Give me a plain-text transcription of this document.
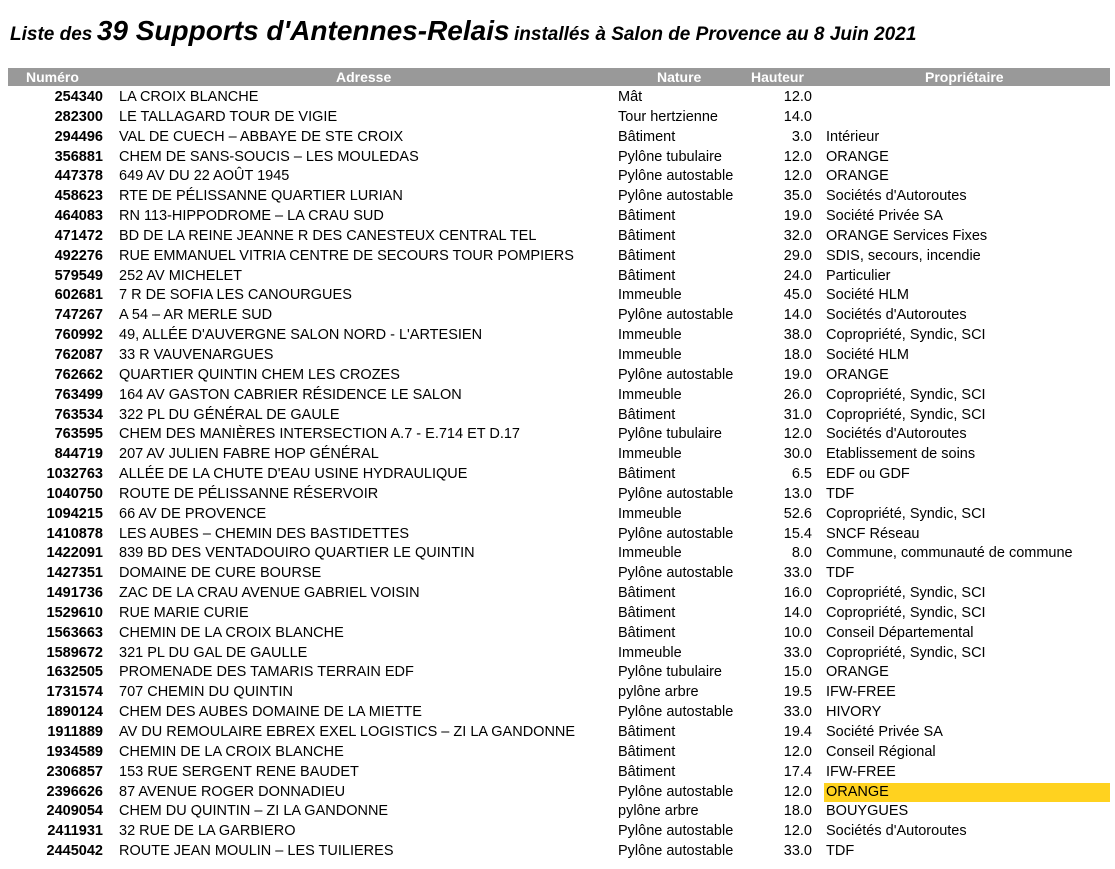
Liste des 39 Supports d'Antennes-Relais installés à Salon de Provence au 8 Juin 2021
Numéro	Adresse	Nature	Hauteur	Propriétaire
254340 LA CROIX BLANCHE	Mât	12.0
282300 LE TALLAGARD TOUR DE VIGIE	Tour hertzienne	14.0
294496 VAL DE CUECH – ABBAYE DE STE CROIX	Bâtiment	3.0 Intérieur
356881 CHEM DE SANS-SOUCIS – LES MOULEDAS	Pylône tubulaire	12.0 ORANGE
447378 649 AV DU 22 AOÛT 1945	Pylône autostable	12.0 ORANGE
458623 RTE DE PÉLISSANNE QUARTIER LURIAN	Pylône autostable	35.0 Sociétés d'Autoroutes
464083 RN 113-HIPPODROME – LA CRAU SUD	Bâtiment	19.0 Société Privée SA
471472 BD DE LA REINE JEANNE R DES CANESTEUX CENTRAL TEL	Bâtiment	32.0 ORANGE Services Fixes
492276 RUE EMMANUEL VITRIA CENTRE DE SECOURS TOUR POMPIERS	Bâtiment	29.0 SDIS, secours, incendie
579549 252 AV MICHELET	Bâtiment	24.0 Particulier
602681 7 R DE SOFIA LES CANOURGUES	Immeuble	45.0 Société HLM
747267 A 54 – AR MERLE SUD	Pylône autostable	14.0 Sociétés d'Autoroutes
760992 49, ALLÉE D'AUVERGNE SALON NORD - L'ARTESIEN	Immeuble	38.0 Copropriété, Syndic, SCI
762087 33 R VAUVENARGUES	Immeuble	18.0 Société HLM
762662 QUARTIER QUINTIN CHEM LES CROZES	Pylône autostable	19.0 ORANGE
763499 164 AV GASTON CABRIER RÉSIDENCE LE SALON	Immeuble	26.0 Copropriété, Syndic, SCI
763534 322 PL DU GÉNÉRAL DE GAULE	Bâtiment	31.0 Copropriété, Syndic, SCI
763595 CHEM DES MANIÈRES INTERSECTION A.7 - E.714 ET D.17	Pylône tubulaire	12.0 Sociétés d'Autoroutes
844719 207 AV JULIEN FABRE HOP GÉNÉRAL	Immeuble	30.0 Etablissement de soins
1032763 ALLÉE DE LA CHUTE D'EAU USINE HYDRAULIQUE	Bâtiment	6.5 EDF ou GDF
1040750 ROUTE DE PÉLISSANNE RÉSERVOIR	Pylône autostable	13.0 TDF
1094215 66 AV DE PROVENCE	Immeuble	52.6 Copropriété, Syndic, SCI
1410878 LES AUBES – CHEMIN DES BASTIDETTES	Pylône autostable	15.4 SNCF Réseau
1422091 839 BD DES VENTADOUIRO QUARTIER LE QUINTIN	Immeuble	8.0 Commune, communauté de commune
1427351 DOMAINE DE CURE BOURSE	Pylône autostable	33.0 TDF
1491736 ZAC DE LA CRAU AVENUE GABRIEL VOISIN	Bâtiment	16.0 Copropriété, Syndic, SCI
1529610 RUE MARIE CURIE	Bâtiment	14.0 Copropriété, Syndic, SCI
1563663 CHEMIN DE LA CROIX BLANCHE	Bâtiment	10.0 Conseil Départemental
1589672 321 PL DU GAL DE GAULLE	Immeuble	33.0 Copropriété, Syndic, SCI
1632505 PROMENADE DES TAMARIS TERRAIN EDF	Pylône tubulaire	15.0 ORANGE
1731574 707 CHEMIN DU QUINTIN	pylône arbre	19.5 IFW-FREE
1890124 CHEM DES AUBES DOMAINE DE LA MIETTE	Pylône autostable	33.0 HIVORY
1911889 AV DU REMOULAIRE EBREX EXEL LOGISTICS – ZI LA GANDONNE	Bâtiment	19.4 Société Privée SA
1934589 CHEMIN DE LA CROIX BLANCHE	Bâtiment	12.0 Conseil Régional
2306857 153 RUE SERGENT RENE BAUDET	Bâtiment	17.4 IFW-FREE
2396626 87 AVENUE ROGER DONNADIEU	Pylône autostable	12.0 ORANGE
2409054 CHEM DU QUINTIN – ZI LA GANDONNE	pylône arbre	18.0 BOUYGUES
2411931 32 RUE DE LA GARBIERO	Pylône autostable	12.0 Sociétés d'Autoroutes
2445042 ROUTE JEAN MOULIN – LES TUILIERES	Pylône autostable	33.0 TDF
